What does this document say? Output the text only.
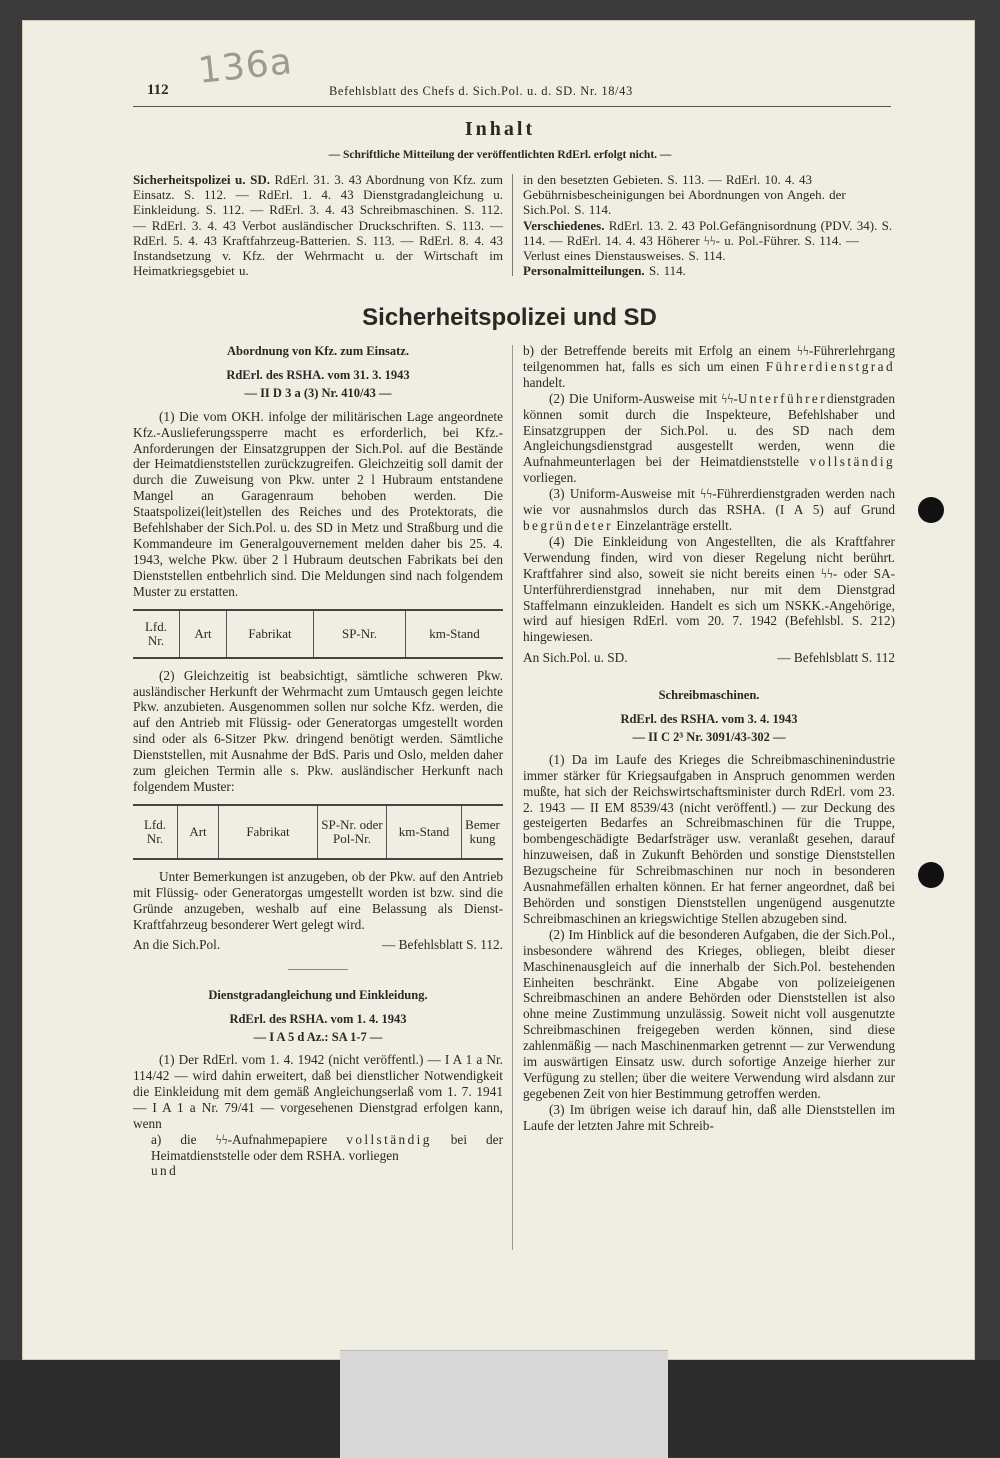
136a
112	Befehlsblatt des Chefs d. Sich.Pol. u. d. SD. Nr. 18/43
Inhalt
— Schriftliche Mitteilung der veröffentlichten RdErl. erfolgt nicht. —
Sicherheitspolizei u. SD. RdErl. 31. 3. 43 Abordnung von Kfz. zum Einsatz. S. 112. — RdErl. 1. 4. 43 Dienstgradangleichung u. Einkleidung. S. 112. — RdErl. 3. 4. 43 Schreibmaschinen. S. 112. — RdErl. 3. 4. 43 Verbot ausländischer Druckschriften. S. 113. — RdErl. 5. 4. 43 Kraftfahrzeug-Batterien. S. 113. — RdErl. 8. 4. 43 Instandsetzung v. Kfz. der Wehrmacht u. der Wirtschaft im Heimatkriegsgebiet u.
in den besetzten Gebieten. S. 113. — RdErl. 10. 4. 43 Gebührnisbescheinigungen bei Abordnungen von Angeh. der Sich.Pol. S. 114.
Verschiedenes. RdErl. 13. 2. 43 Pol.Gefängnisordnung (PDV. 34). S. 114. — RdErl. 14. 4. 43 Höherer ϟϟ- u. Pol.-Führer. S. 114. — Verlust eines Dienstausweises. S. 114.
Personalmitteilungen. S. 114.
Sicherheitspolizei und SD

Abordnung von Kfz. zum Einsatz.

RdErl. des RSHA. vom 31. 3. 1943

— II D 3 a (3) Nr. 410/43 —

(1) Die vom OKH. infolge der militärischen Lage angeordnete Kfz.-Auslieferungssperre macht es erforderlich, bei Kfz.-Anforderungen der Einsatzgruppen der Sich.Pol. auf die Bestände der Heimatdienststellen zurückzugreifen. Gleichzeitig soll damit der durch die Zuweisung von Pkw. unter 2 l Hubraum entstandene Mangel an Garagenraum behoben werden. Die Staatspolizei(leit)stellen des Reiches und des Protektorats, die Befehlshaber der Sich.Pol. u. des SD in Metz und Straßburg und die Kommandeure im Generalgouvernement melden daher bis 25. 4. 1943, welche Pkw. über 2 l Hubraum deutschen Fabrikats bei den Dienststellen entbehrlich sind. Die Meldungen sind nach folgendem Muster zu erstatten.

Lfd. Nr.	Art	Fabrikat	SP-Nr.	km-Stand

(2) Gleichzeitig ist beabsichtigt, sämtliche schweren Pkw. ausländischer Herkunft der Wehrmacht zum Umtausch gegen leichte Pkw. anzubieten. Ausgenommen sollen nur solche Kfz. werden, die auf den Antrieb mit Flüssig- oder Generatorgas umgestellt worden sind oder als 6-Sitzer Pkw. dringend benötigt werden. Sämtliche Dienststellen, mit Ausnahme der BdS. Paris und Oslo, melden daher zum gleichen Termin alle s. Pkw. ausländischer Herkunft nach folgendem Muster:

Lfd. Nr.	Art	Fabrikat	SP-Nr. oder Pol-Nr.	km-Stand	Bemerkung

Unter Bemerkungen ist anzugeben, ob der Pkw. auf den Antrieb mit Flüssig- oder Generatorgas umgestellt worden ist bzw. sind die Gründe anzugeben, weshalb auf eine Belassung als Dienst-Kraftfahrzeug besonderer Wert gelegt wird.

An die Sich.Pol.	— Befehlsblatt S. 112.

Dienstgradangleichung und Einkleidung.

RdErl. des RSHA. vom 1. 4. 1943

— I A 5 d Az.: SA 1-7 —

(1) Der RdErl. vom 1. 4. 1942 (nicht veröffentl.) — I A 1 a Nr. 114/42 — wird dahin erweitert, daß bei dienstlicher Notwendigkeit die Einkleidung mit dem gemäß Angleichungserlaß vom 1. 7. 1941 — I A 1 a Nr. 79/41 — vorgesehenen Dienstgrad erfolgen kann, wenn

a) die ϟϟ-Aufnahmepapiere vollständig bei der Heimatdienststelle oder dem RSHA. vorliegen
und

b) der Betreffende bereits mit Erfolg an einem ϟϟ-Führerlehrgang teilgenommen hat, falls es sich um einen Führerdienstgrad handelt.

(2) Die Uniform-Ausweise mit ϟϟ-Unterführerdienstgraden können somit durch die Inspekteure, Befehlshaber und Einsatzgruppen der Sich.Pol. u. des SD nach dem Angleichungsdienstgrad ausgestellt werden, wenn die Aufnahmeunterlagen bei der Heimatdienststelle vollständig vorliegen.

(3) Uniform-Ausweise mit ϟϟ-Führerdienstgraden werden nach wie vor ausnahmslos durch das RSHA. (I A 5) auf Grund begründeter Einzelanträge erstellt.

(4) Die Einkleidung von Angestellten, die als Kraftfahrer Verwendung finden, wird von dieser Regelung nicht berührt. Kraftfahrer sind also, soweit sie nicht bereits einen ϟϟ- oder SA-Unterführerdienstgrad innehaben, nur mit dem Dienstgrad Staffelmann einzukleiden. Handelt es sich um NSKK.-Angehörige, wird auf hiesigen RdErl. vom 20. 7. 1942 (Befehlsbl. S. 212) hingewiesen.

An Sich.Pol. u. SD.	— Befehlsblatt S. 112

Schreibmaschinen.

RdErl. des RSHA. vom 3. 4. 1943

— II C 2³ Nr. 3091/43-302 —

(1) Da im Laufe des Krieges die Schreibmaschinenindustrie immer stärker für Kriegsaufgaben in Anspruch genommen werden mußte, hat sich der Reichswirtschaftsminister durch RdErl. vom 23. 2. 1943 — II EM 8539/43 (nicht veröffentl.) — zur Deckung des gesteigerten Bedarfes an Schreibmaschinen für die Truppe, bombengeschädigte Bedarfsträger usw. veranlaßt gesehen, darauf hinzuweisen, daß in Zukunft Behörden und sonstige Dienststellen Bezugscheine für Schreibmaschinen nur noch in besonderen Ausnahmefällen erhalten können. Er hat ferner angeordnet, daß bei Behörden und sonstigen Dienststellen ungenügend ausgenutzte Schreibmaschinen an kriegswichtige Stellen abzugeben sind.

(2) Im Hinblick auf die besonderen Aufgaben, die der Sich.Pol., insbesondere während des Krieges, obliegen, bleibt dieser Maschinenausgleich auf die innerhalb der Sich.Pol. bestehenden Einheiten beschränkt. Eine Abgabe von polizeieigenen Schreibmaschinen an andere Behörden oder Dienststellen ist also ohne meine Zustimmung unzulässig. Soweit nicht voll ausgenutzte Schreibmaschinen freigegeben werden können, sind diese zahlenmäßig — nach Maschinenmarken getrennt — zur Verwendung im auswärtigen Einsatz usw. durch sofortige Anzeige hierher zur Verfügung zu stellen; über die weitere Verwendung wird alsdann zur gegebenen Zeit von hier Bestimmung getroffen werden.

(3) Im übrigen weise ich darauf hin, daß alle Dienststellen im Laufe der letzten Jahre mit Schreib-
